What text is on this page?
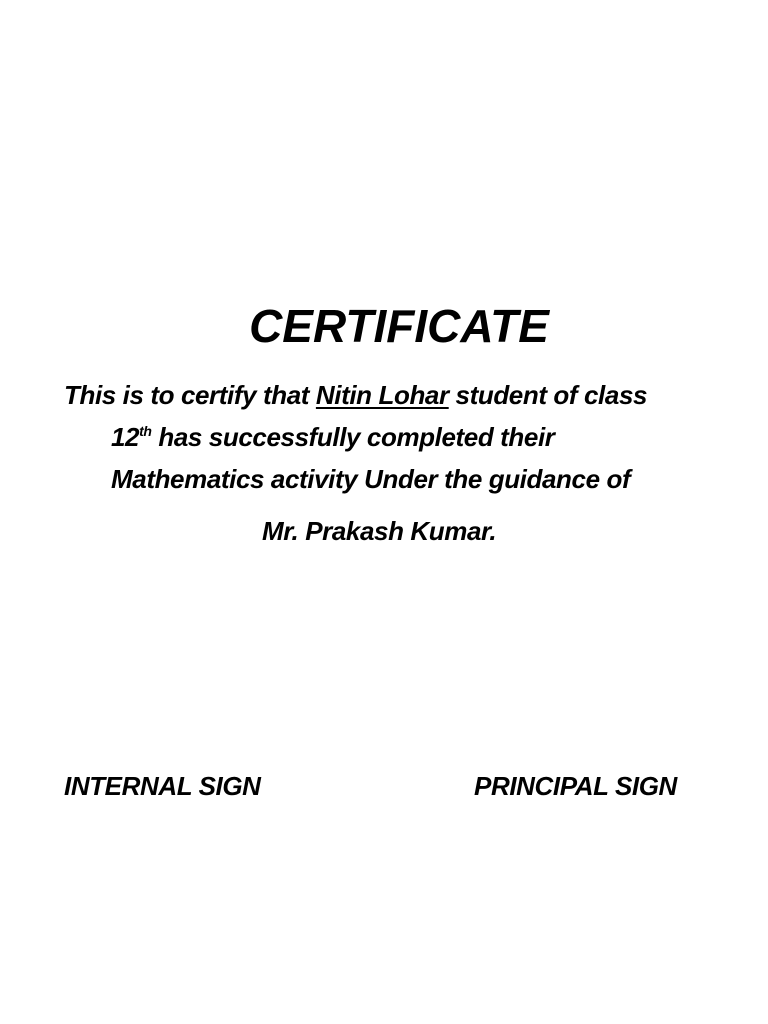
CERTIFICATE
This is to certify that Nitin Lohar student of class
12th has successfully completed their
Mathematics activity Under the guidance of
Mr. Prakash Kumar.
INTERNAL SIGN	PRINCIPAL SIGN
